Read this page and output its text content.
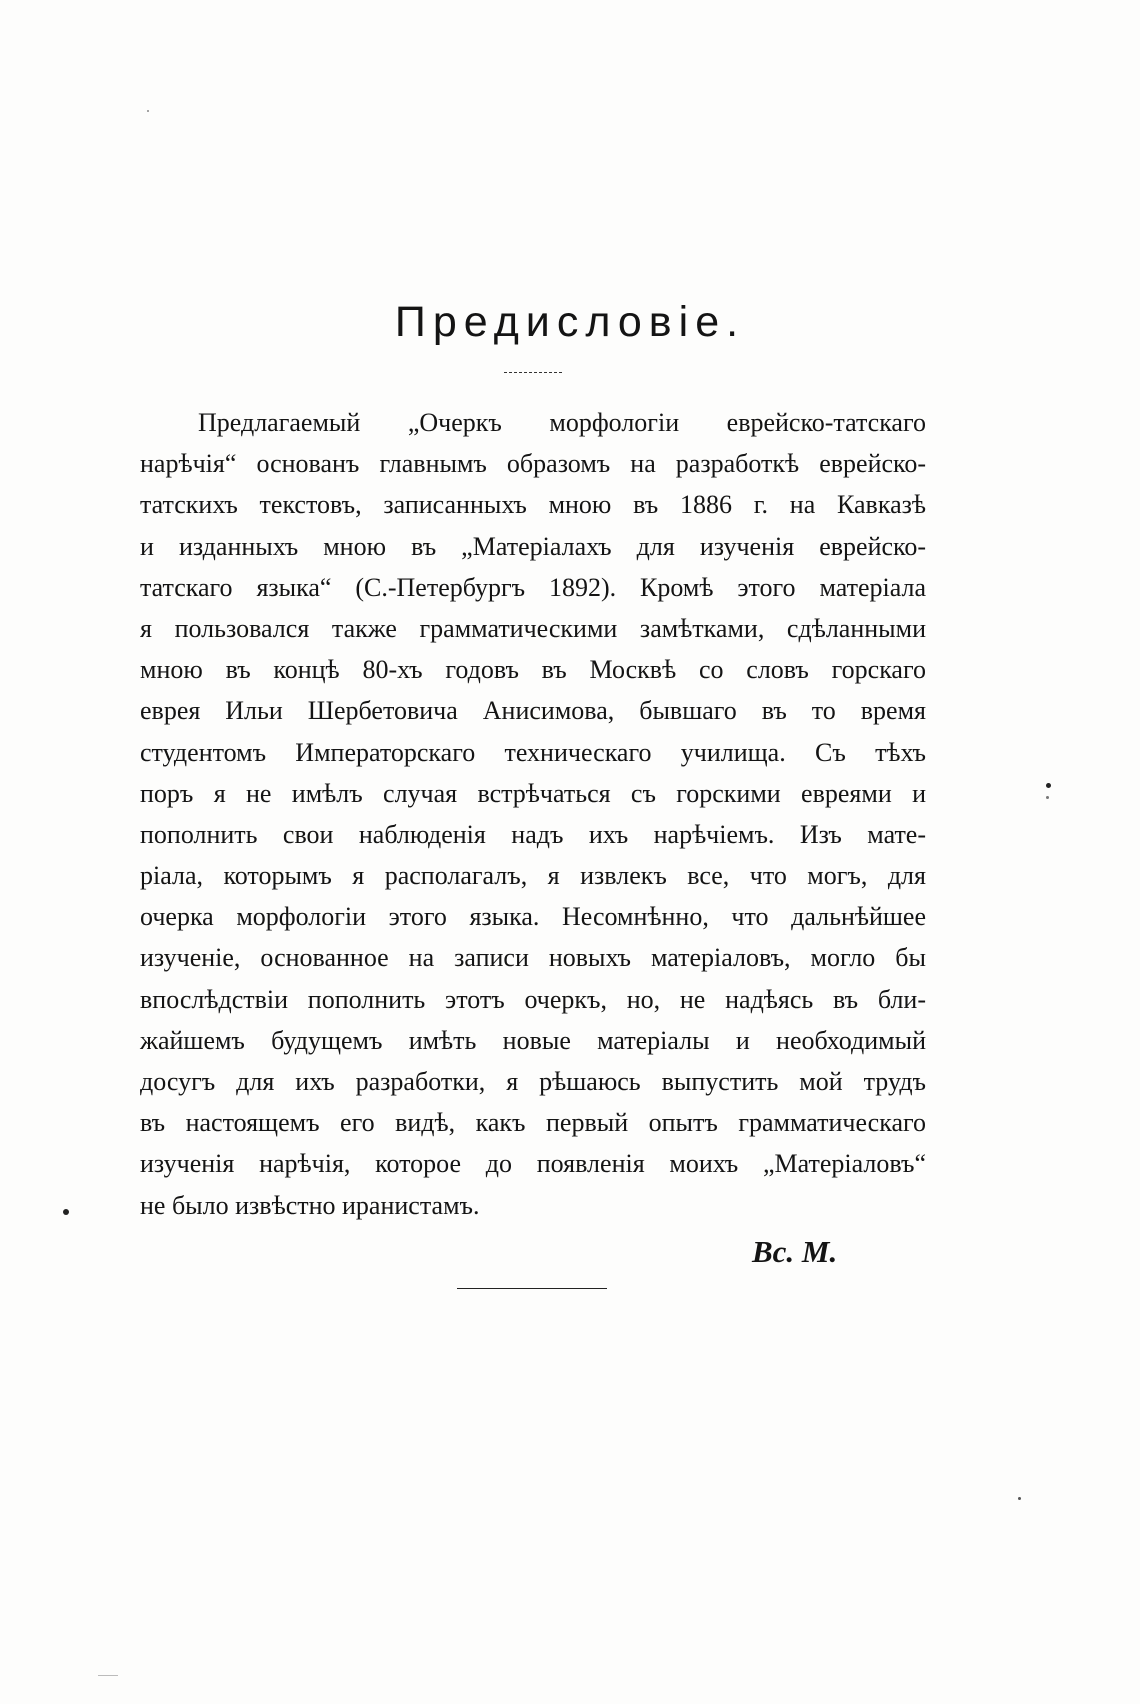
Предисловіе.
Предлагаемый „Очеркъ морфологіи еврейско-татскаго
нарѣчія“ основанъ главнымъ образомъ на разработкѣ еврейско-
татскихъ текстовъ, записанныхъ мною въ 1886 г. на Кавказѣ
и изданныхъ мною въ „Матеріалахъ для изученія еврейско-
татскаго языка“ (С.-Петербургъ 1892). Кромѣ этого матеріала
я пользовался также грамматическими замѣтками, сдѣланными
мною въ концѣ 80-хъ годовъ въ Москвѣ со словъ горскаго
еврея Ильи Шербетовича Анисимова, бывшаго въ то время
студентомъ Императорскаго техническаго училища. Съ тѣхъ
поръ я не имѣлъ случая встрѣчаться съ горскими евреями и
пополнить свои наблюденія надъ ихъ нарѣчіемъ. Изъ мате-
ріала, которымъ я располагалъ, я извлекъ все, что могъ, для
очерка морфологіи этого языка. Несомнѣнно, что дальнѣйшее
изученіе, основанное на записи новыхъ матеріаловъ, могло бы
впослѣдствіи пополнить этотъ очеркъ, но, не надѣясь въ бли-
жайшемъ будущемъ имѣть новые матеріалы и необходимый
досугъ для ихъ разработки, я рѣшаюсь выпустить мой трудъ
въ настоящемъ его видѣ, какъ первый опытъ грамматическаго
изученія нарѣчія, которое до появленія моихъ „Матеріаловъ“
не было извѣстно иранистамъ.

Вс. М.
